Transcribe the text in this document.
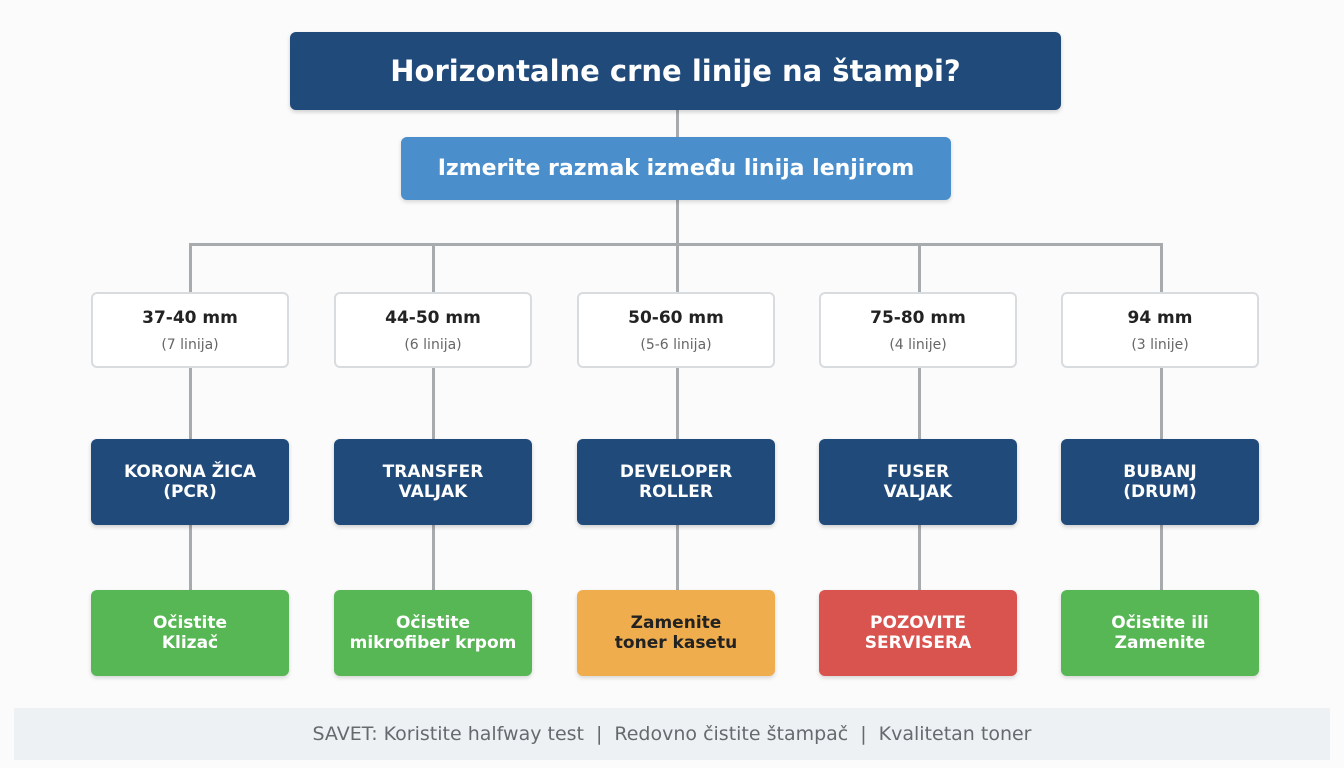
Horizontalne crne linije na štampi?
Izmerite razmak između linija lenjirom
37-40 mm
(7 linija)
44-50 mm
(6 linija)
50-60 mm
(5-6 linija)
75-80 mm
(4 linije)
94 mm
(3 linije)
KORONA ŽICA
(PCR)
TRANSFER
VALJAK
DEVELOPER
ROLLER
FUSER
VALJAK
BUBANJ
(DRUM)
Očistite
Klizač
Očistite
mikrofiber krpom
Zamenite
toner kasetu
POZOVITE
SERVISERA
Očistite ili
Zamenite
SAVET: Koristite halfway test | Redovno čistite štampač | Kvalitetan toner
